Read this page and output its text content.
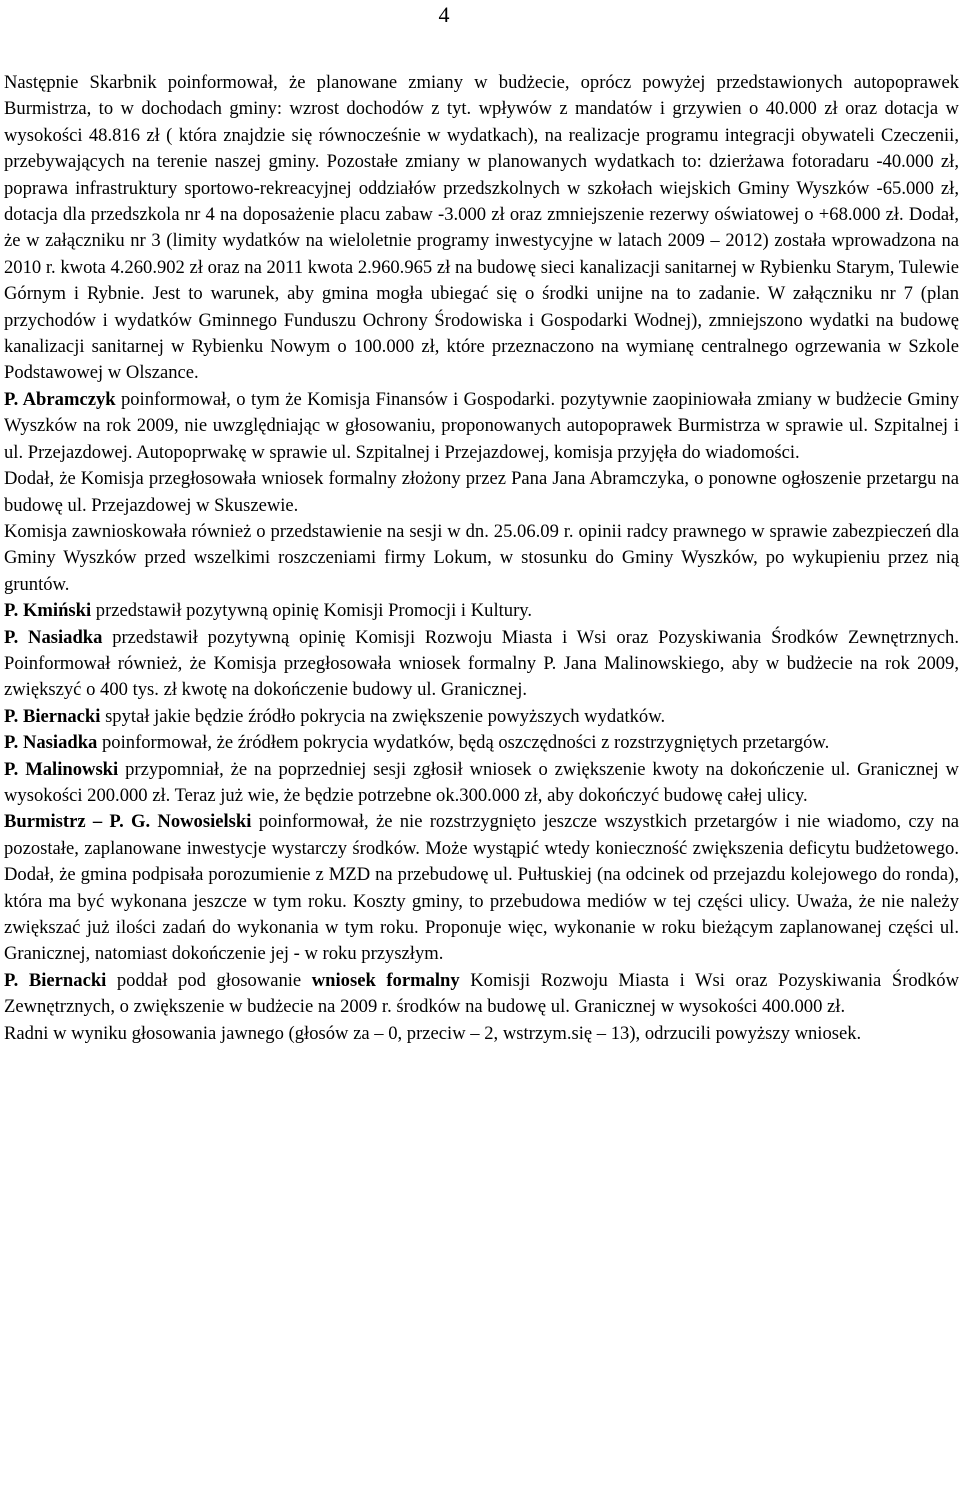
4

Następnie Skarbnik poinformował, że planowane zmiany w budżecie, oprócz powyżej przedstawionych autopoprawek Burmistrza, to w dochodach gminy: wzrost dochodów z tyt. wpływów z mandatów i grzywien o 40.000 zł oraz dotacja w wysokości 48.816 zł ( która znajdzie się równocześnie w wydatkach), na realizacje programu integracji obywateli Czeczenii, przebywających na terenie naszej gminy. Pozostałe zmiany w planowanych wydatkach to: dzierżawa fotoradaru -40.000 zł, poprawa infrastruktury sportowo-rekreacyjnej oddziałów przedszkolnych w szkołach wiejskich Gminy Wyszków -65.000 zł, dotacja dla przedszkola nr 4 na doposażenie placu zabaw -3.000 zł oraz zmniejszenie rezerwy oświatowej o +68.000 zł. Dodał, że w załączniku nr 3 (limity wydatków na wieloletnie programy inwestycyjne w latach 2009 – 2012) została wprowadzona na 2010 r. kwota 4.260.902 zł oraz na 2011 kwota 2.960.965 zł na budowę sieci kanalizacji sanitarnej w Rybienku Starym, Tulewie Górnym i Rybnie. Jest to warunek, aby gmina mogła ubiegać się o środki unijne na to zadanie. W załączniku nr 7 (plan przychodów i wydatków Gminnego Funduszu Ochrony Środowiska i Gospodarki Wodnej), zmniejszono wydatki na budowę kanalizacji sanitarnej w Rybienku Nowym o 100.000 zł, które przeznaczono na wymianę centralnego ogrzewania w Szkole Podstawowej w Olszance.

P. Abramczyk poinformował, o tym że Komisja Finansów i Gospodarki. pozytywnie zaopiniowała zmiany w budżecie Gminy Wyszków na rok 2009, nie uwzględniając w głosowaniu, proponowanych autopoprawek Burmistrza w sprawie ul. Szpitalnej i ul. Przejazdowej. Autopoprwakę w sprawie ul. Szpitalnej i Przejazdowej, komisja przyjęła do wiadomości.

Dodał, że Komisja przegłosowała wniosek formalny złożony przez Pana Jana Abramczyka, o ponowne ogłoszenie przetargu na budowę ul. Przejazdowej w Skuszewie.

Komisja zawnioskowała również o przedstawienie na sesji w dn. 25.06.09 r. opinii radcy prawnego w sprawie zabezpieczeń dla Gminy Wyszków przed wszelkimi roszczeniami firmy Lokum, w stosunku do Gminy Wyszków, po wykupieniu przez nią gruntów.

P. Kmiński przedstawił pozytywną opinię Komisji Promocji i Kultury.

P. Nasiadka przedstawił pozytywną opinię Komisji Rozwoju Miasta i Wsi oraz Pozyskiwania Środków Zewnętrznych. Poinformował również, że Komisja przegłosowała wniosek formalny P. Jana Malinowskiego, aby w budżecie na rok 2009, zwiększyć o 400 tys. zł kwotę na dokończenie budowy ul. Granicznej.

P. Biernacki spytał jakie będzie źródło pokrycia na zwiększenie powyższych wydatków.

P. Nasiadka poinformował, że źródłem pokrycia wydatków, będą oszczędności z rozstrzygniętych przetargów.

P. Malinowski przypomniał, że na poprzedniej sesji zgłosił wniosek o zwiększenie kwoty na dokończenie ul. Granicznej w wysokości 200.000 zł. Teraz już wie, że będzie potrzebne ok.300.000 zł, aby dokończyć budowę całej ulicy.

Burmistrz – P. G. Nowosielski poinformował, że nie rozstrzygnięto jeszcze wszystkich przetargów i nie wiadomo, czy na pozostałe, zaplanowane inwestycje wystarczy środków. Może wystąpić wtedy konieczność zwiększenia deficytu budżetowego. Dodał, że gmina podpisała porozumienie z MZD na przebudowę ul. Pułtuskiej (na odcinek od przejazdu kolejowego do ronda), która ma być wykonana jeszcze w tym roku. Koszty gminy, to przebudowa mediów w tej części ulicy. Uważa, że nie należy zwiększać już ilości zadań do wykonania w tym roku. Proponuje więc, wykonanie w roku bieżącym zaplanowanej części ul. Granicznej, natomiast dokończenie jej - w roku przyszłym.

P. Biernacki poddał pod głosowanie wniosek formalny Komisji Rozwoju Miasta i Wsi oraz Pozyskiwania Środków Zewnętrznych, o zwiększenie w budżecie na 2009 r. środków na budowę ul. Granicznej w wysokości 400.000 zł.

Radni w wyniku głosowania jawnego (głosów za – 0, przeciw – 2, wstrzym.się – 13), odrzucili powyższy wniosek.
